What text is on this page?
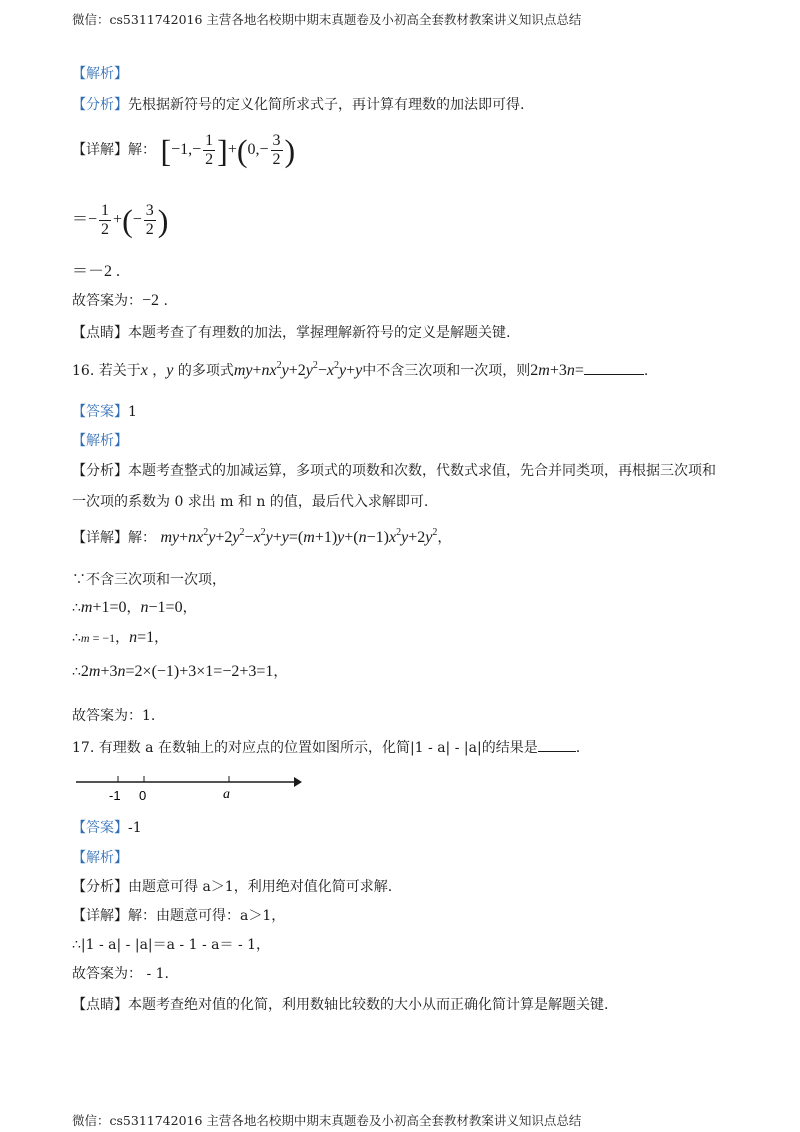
微信：cs5311742016 主营各地名校期中期末真题卷及小初高全套教材教案讲义知识点总结
【解析】
【分析】先根据新符号的定义化简所求式子，再计算有理数的加法即可得.
【详解】解： $[-1,- \frac{1}{2} ]+(0,- \frac{3}{2}$ )
＝− $\frac{1}{2}$ +(− $\frac{3}{2}$ )
＝－2 .
故答案为：−2 .
【点睛】本题考查了有理数的加法，掌握理解新符号的定义是解题关键.
16. 若关于x ，y 的多项式$my+nx^2y+2y^2-x^2y+y$中不含三次项和一次项，则2m+3n=	.
【答案】1
【解析】
【分析】本题考查整式的加减运算，多项式的项数和次数，代数式求值，先合并同类项，再根据三次项和
一次项的系数为 0 求出 m 和 n 的值，最后代入求解即可.
【详解】解： $my+nx^2y+2y^2-x^2y+y=(m+1)y+(n-1)x^2y+2y^2$，
∵不含三次项和一次项，
∴m+1=0，n−1=0，
∴m = −1，n=1，
∴2m+3n=2×(−1)+3×1=−2+3=1，
故答案为：1.
17. 有理数 a 在数轴上的对应点的位置如图所示，化简|1 - a| - |a|的结果是	.
-1 0	a
【答案】-1
【解析】
【分析】由题意可得 a＞1，利用绝对值化简可求解.
【详解】解：由题意可得：a＞1，
∴|1 - a| - |a|＝a - 1 - a＝ - 1，
故答案为： - 1.
【点睛】本题考查绝对值的化简，利用数轴比较数的大小从而正确化简计算是解题关键.
微信：cs5311742016 主营各地名校期中期末真题卷及小初高全套教材教案讲义知识点总结
